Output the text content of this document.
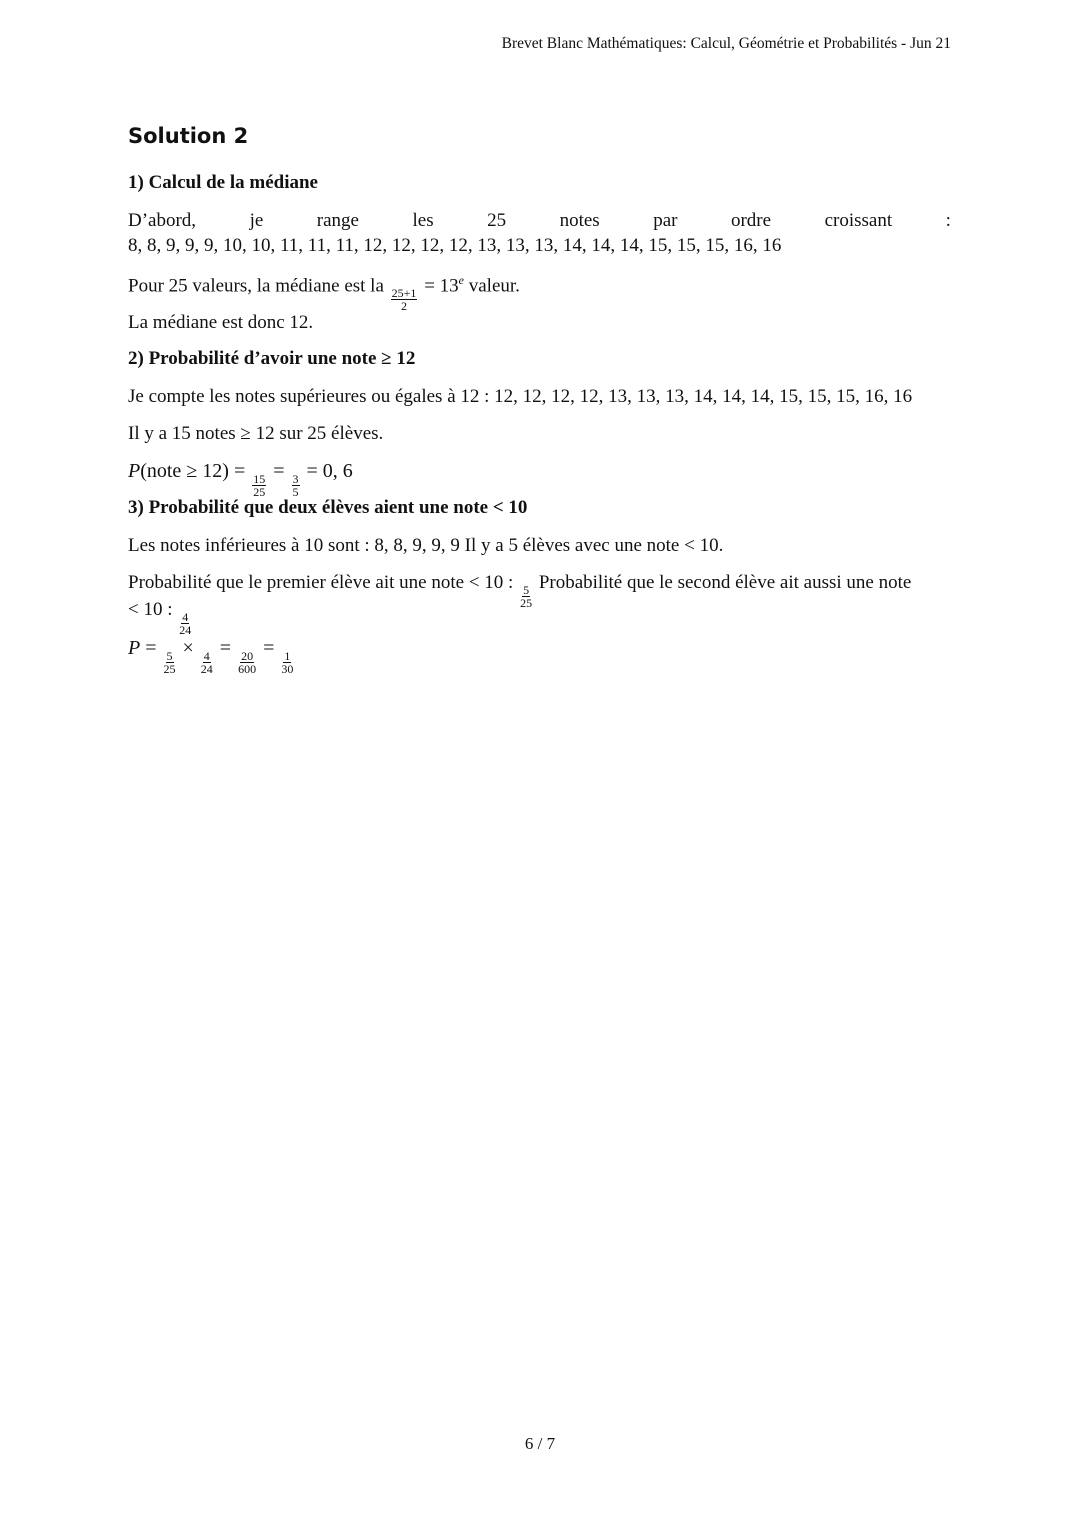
Brevet Blanc Mathématiques: Calcul, Géométrie et Probabilités - Jun 21
Solution 2
1) Calcul de la médiane
D’abord,	je	range	les	25	notes	par	ordre	croissant	:
8, 8, 9, 9, 9, 10, 10, 11, 11, 11, 12, 12, 12, 12, 13, 13, 13, 14, 14, 14, 15, 15, 15, 16, 16
Pour 25 valeurs, la médiane est la
$\frac{25+1}{2}$
= $13^e$ valeur.
La médiane est donc 12.
2) Probabilité d’avoir une note ≥ 12
Je compte les notes supérieures ou égales à 12 : 12, 12, 12, 12, 13, 13, 13, 14, 14, 14, 15, 15, 15, 16, 16
Il y a 15 notes ≥ 12 sur 25 élèves.
P(note ≥ 12) =
$\frac{15}{25}$
=
$\frac{3}{5}$
= 0, 6
3) Probabilité que deux élèves aient une note < 10
Les notes inférieures à 10 sont : 8, 8, 9, 9, 9 Il y a 5 élèves avec une note < 10.
Probabilité que le premier élève ait une note < 10 :
$\frac{5}{25}$
Probabilité que le second élève ait aussi une note
< 10 :
$\frac{4}{24}$
P =
$\frac{5}{25}$
×
$\frac{4}{24}$
=
$\frac{20}{600}$
=
$\frac{1}{30}$
6 / 7
